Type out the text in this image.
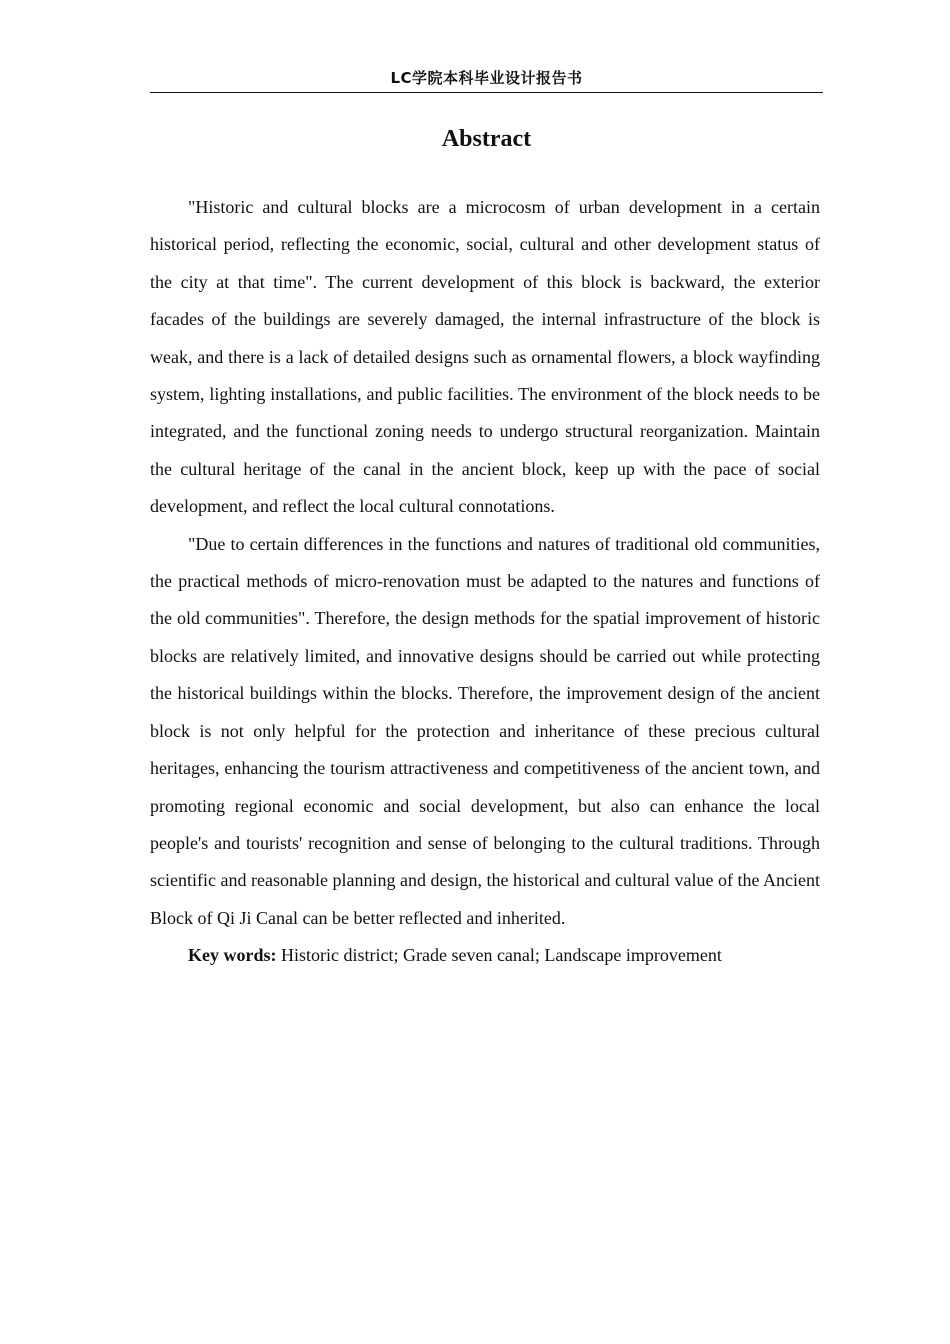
LC学院本科毕业设计报告书
Abstract

"Historic and cultural blocks are a microcosm of urban development in a certain historical period, reflecting the economic, social, cultural and other development status of the city at that time". The current development of this block is backward, the exterior facades of the buildings are severely damaged, the internal infrastructure of the block is weak, and there is a lack of detailed designs such as ornamental flowers, a block wayfinding system, lighting installations, and public facilities. The environment of the block needs to be integrated, and the functional zoning needs to undergo structural reorganization. Maintain the cultural heritage of the canal in the ancient block, keep up with the pace of social development, and reflect the local cultural connotations.

"Due to certain differences in the functions and natures of traditional old communities, the practical methods of micro-renovation must be adapted to the natures and functions of the old communities". Therefore, the design methods for the spatial improvement of historic blocks are relatively limited, and innovative designs should be carried out while protecting the historical buildings within the blocks. Therefore, the improvement design of the ancient block is not only helpful for the protection and inheritance of these precious cultural heritages, enhancing the tourism attractiveness and competitiveness of the ancient town, and promoting regional economic and social development, but also can enhance the local people's and tourists' recognition and sense of belonging to the cultural traditions. Through scientific and reasonable planning and design, the historical and cultural value of the Ancient Block of Qi Ji Canal can be better reflected and inherited.

Key words: Historic district; Grade seven canal; Landscape improvement
